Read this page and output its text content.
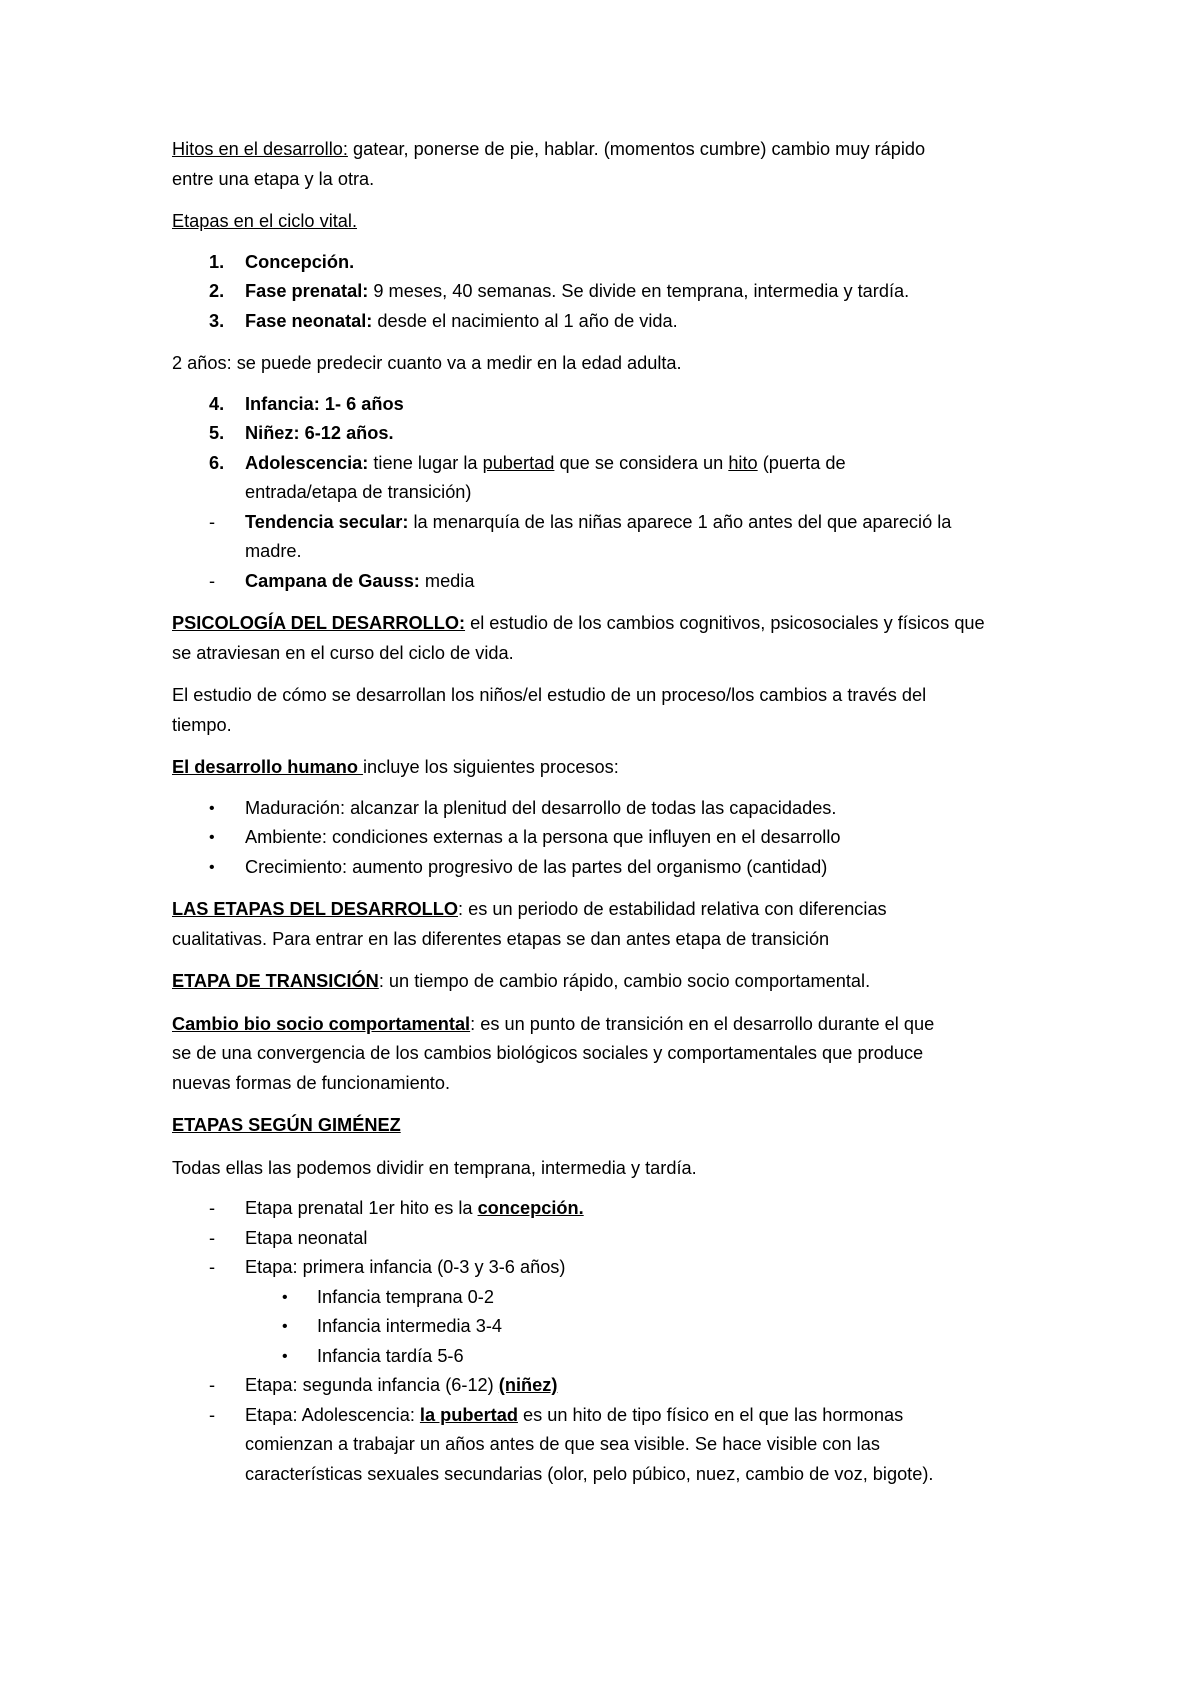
Hitos en el desarrollo: gatear, ponerse de pie, hablar. (momentos cumbre) cambio muy rápido
entre una etapa y la otra.

Etapas en el ciclo vital.

1.	Concepción.
2.	Fase prenatal: 9 meses, 40 semanas. Se divide en temprana, intermedia y tardía.
3.	Fase neonatal: desde el nacimiento al 1 año de vida.

2 años: se puede predecir cuanto va a medir en la edad adulta.

4.	Infancia: 1- 6 años
5.	Niñez: 6-12 años.
6.	Adolescencia: tiene lugar la pubertad que se considera un hito (puerta de
entrada/etapa de transición)
-	Tendencia secular: la menarquía de las niñas aparece 1 año antes del que apareció la
madre.
-	Campana de Gauss: media

PSICOLOGÍA DEL DESARROLLO: el estudio de los cambios cognitivos, psicosociales y físicos que
se atraviesan en el curso del ciclo de vida.

El estudio de cómo se desarrollan los niños/el estudio de un proceso/los cambios a través del
tiempo.

El desarrollo humano incluye los siguientes procesos:

•	Maduración: alcanzar la plenitud del desarrollo de todas las capacidades.
•	Ambiente: condiciones externas a la persona que influyen en el desarrollo
•	Crecimiento: aumento progresivo de las partes del organismo (cantidad)

LAS ETAPAS DEL DESARROLLO: es un periodo de estabilidad relativa con diferencias
cualitativas. Para entrar en las diferentes etapas se dan antes etapa de transición

ETAPA DE TRANSICIÓN: un tiempo de cambio rápido, cambio socio comportamental.

Cambio bio socio comportamental: es un punto de transición en el desarrollo durante el que
se de una convergencia de los cambios biológicos sociales y comportamentales que produce
nuevas formas de funcionamiento.

ETAPAS SEGÚN GIMÉNEZ

Todas ellas las podemos dividir en temprana, intermedia y tardía.

-	Etapa prenatal 1er hito es la concepción.
-	Etapa neonatal
-	Etapa: primera infancia (0-3 y 3-6 años)
•	Infancia temprana 0-2
•	Infancia intermedia 3-4
•	Infancia tardía 5-6
-	Etapa: segunda infancia (6-12) (niñez)
-	Etapa: Adolescencia: la pubertad es un hito de tipo físico en el que las hormonas
comienzan a trabajar un años antes de que sea visible. Se hace visible con las
características sexuales secundarias (olor, pelo púbico, nuez, cambio de voz, bigote).
